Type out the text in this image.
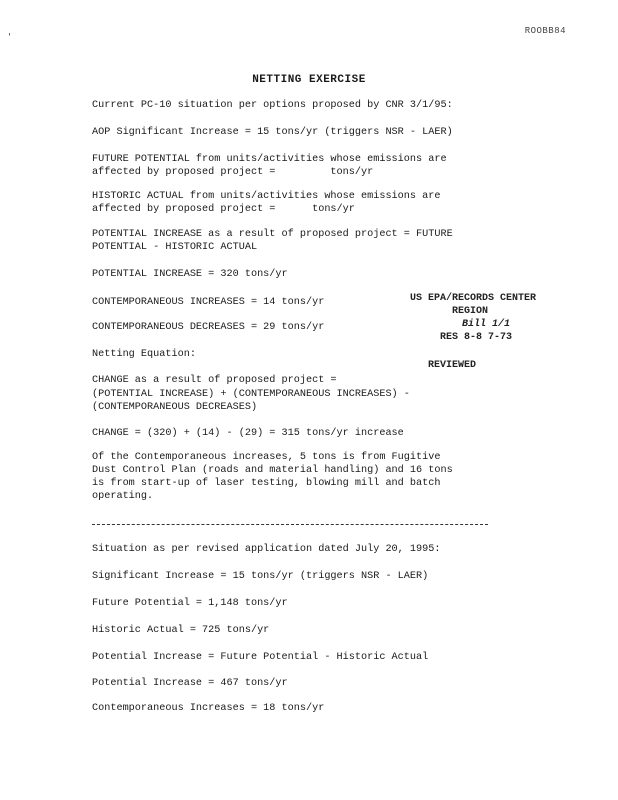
'
ROOBB84
NETTING EXERCISE
Current PC-10 situation per options proposed by CNR 3/1/95:
AOP Significant Increase = 15 tons/yr (triggers NSR - LAER)
FUTURE POTENTIAL from units/activities whose emissions are
affected by proposed project =         tons/yr
HISTORIC ACTUAL from units/activities whose emissions are
affected by proposed project =      tons/yr
POTENTIAL INCREASE as a result of proposed project = FUTURE
POTENTIAL - HISTORIC ACTUAL
POTENTIAL INCREASE = 320 tons/yr
CONTEMPORANEOUS INCREASES = 14 tons/yr
CONTEMPORANEOUS DECREASES = 29 tons/yr
Netting Equation:
CHANGE as a result of proposed project =
(POTENTIAL INCREASE) + (CONTEMPORANEOUS INCREASES) -
(CONTEMPORANEOUS DECREASES)
CHANGE = (320) + (14) - (29) = 315 tons/yr increase
Of the Contemporaneous increases, 5 tons is from Fugitive
Dust Control Plan (roads and material handling) and 16 tons
is from start-up of laser testing, blowing mill and batch
operating.
US EPA/RECORDS CENTER
REGION
Bill 1/1
RES 8-8 7-73
REVIEWED
Situation as per revised application dated July 20, 1995:
Significant Increase = 15 tons/yr (triggers NSR - LAER)
Future Potential = 1,148 tons/yr
Historic Actual = 725 tons/yr
Potential Increase = Future Potential - Historic Actual
Potential Increase = 467 tons/yr
Contemporaneous Increases = 18 tons/yr
